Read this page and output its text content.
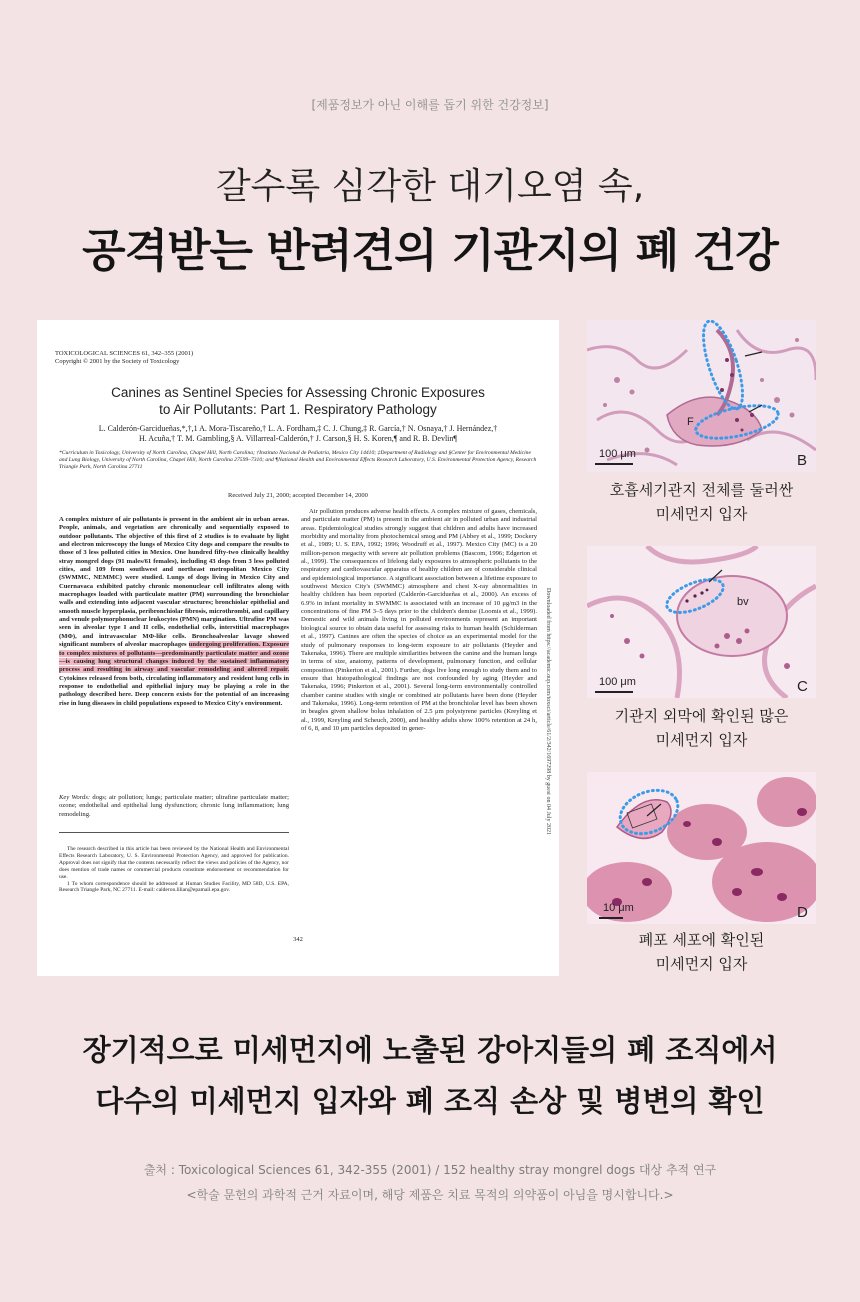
[제품정보가 아닌 이해를 돕기 위한 건강정보]
갈수록 심각한 대기오염 속,
공격받는 반려견의 기관지의 폐 건강
TOXICOLOGICAL SCIENCES 61, 342–355 (2001)
Copyright © 2001 by the Society of Toxicology
Canines as Sentinel Species for Assessing Chronic Exposures
to Air Pollutants: Part 1. Respiratory Pathology
L. Calderón-Garcidueñas,*,†,1 A. Mora-Tiscareño,† L. A. Fordham,‡ C. J. Chung,‡ R. García,† N. Osnaya,† J. Hernández,†
H. Acuña,† T. M. Gambling,§ A. Villarreal-Calderón,† J. Carson,§ H. S. Koren,¶ and R. B. Devlin¶
*Curriculum in Toxicology, University of North Carolina, Chapel Hill, North Carolina; †Instituto Nacional de Pediatría, Mexico City 14410; ‡Department of Radiology and §Center for Environmental Medicine and Lung Biology, University of North Carolina, Chapel Hill, North Carolina 27599–7310; and ¶National Health and Environmental Effects Research Laboratory, U.S. Environmental Protection Agency, Research Triangle Park, North Carolina 27711
Received July 21, 2000; accepted December 14, 2000
A complex mixture of air pollutants is present in the ambient air in urban areas. People, animals, and vegetation are chronically and sequentially exposed to outdoor pollutants. The objective of this first of 2 studies is to evaluate by light and electron microscopy the lungs of Mexico City dogs and compare the results to those of 3 less polluted cities in Mexico. One hundred fifty-two clinically healthy stray mongrel dogs (91 males/61 females), including 43 dogs from 3 less polluted cities, and 109 from southwest and northeast metropolitan Mexico City (SWMMC, NEMMC) were studied. Lungs of dogs living in Mexico City and Cuernavaca exhibited patchy chronic mononuclear cell infiltrates along with macrophages loaded with particulate matter (PM) surrounding the bronchiolar walls and extending into adjacent vascular structures; bronchiolar epithelial and smooth muscle hyperplasia, peribronchiolar fibrosis, microthrombi, and capillary and venule polymorphonuclear leukocytes (PMN) margination. Ultrafine PM was seen in alveolar type I and II cells, endothelial cells, interstitial macrophages (MΦ), and intravascular MΦ-like cells. Bronchoalveolar lavage showed significant numbers of alveolar macrophages undergoing proliferation. Exposure to complex mixtures of pollutants—predominantly particulate matter and ozone—is causing lung structural changes induced by the sustained inflammatory process and resulting in airway and vascular remodeling and altered repair. Cytokines released from both, circulating inflammatory and resident lung cells in response to endothelial and epithelial injury may be playing a role in the pathology described here. Deep concern exists for the potential of an increasing rise in lung diseases in child populations exposed to Mexico City's environment.
Key Words: dogs; air pollution; lungs; particulate matter; ultrafine particulate matter; ozone; endothelial and epithelial lung dysfunction; chronic lung inflammation; lung remodeling.
The research described in this article has been reviewed by the National Health and Environmental Effects Research Laboratory, U. S. Environmental Protection Agency, and approved for publication. Approval does not signify that the contents necessarily reflect the views and policies of the Agency, nor does mention of trade names or commercial products constitute endorsement or recommendation for use.
1 To whom correspondence should be addressed at Human Studies Facility, MD 58D, U.S. EPA, Research Triangle Park, NC 27711. E-mail: calderon.lilian@epamail.epa.gov.
Air pollution produces adverse health effects. A complex mixture of gases, chemicals, and particulate matter (PM) is present in the ambient air in polluted urban and industrial areas. Epidemiological studies strongly suggest that children and adults have increased morbidity and mortality from photochemical smog and PM (Abbey et al., 1999; Dockery et al., 1989; U. S. EPA, 1992; 1996; Woodruff et al., 1997). Mexico City (MC) is a 20 million-person megacity with severe air pollution problems (Bascom, 1996; Edgerton et al., 1999). The consequences of lifelong daily exposures to atmospheric pollutants to the respiratory and cardiovascular apparatus of healthy children are of considerable clinical and epidemiological importance. A significant association between a lifetime exposure to southwest Mexico City's (SWMMC) atmosphere and chest X-ray abnormalities in healthy children has been reported (Calderón-Garcidueñas et al., 2000). An excess of 6.9% in infant mortality in SWMMC is associated with an increase of 10 μg/m3 in the concentrations of fine PM 3–5 days prior to the children's demise (Loomis et al., 1999). Domestic and wild animals living in polluted environments represent an important biological source to obtain data useful for assessing risks to human health (Schilderman et al., 1997). Canines are often the species of choice as an experimental model for the study of pulmonary responses to long-term exposure to air pollutants (Heyder and Takenaka, 1996). There are multiple similarities between the canine and the human lungs in terms of size, anatomy, patterns of development, pulmonary function, and cellular composition (Pinkerton et al., 2001). Further, dogs live long enough to study them and to ensure that histopathological findings are not confounded by aging (Heyder and Takenaka, 1996; Pinkerton et al., 2001). Several long-term environmentally controlled chamber canine studies with single or combined air pollutants have been done (Heyder and Takenaka, 1996). Long-term retention of PM at the bronchiolar level has been shown in beagles given shallow bolus inhalation of 2.5 μm polystyrene particles (Kreyling et al., 1999, Kreyling and Scheuch, 2000), and healthy adults show 100% retention at 24 h, of 6, 8, and 10 μm particles deposited in gener-
342
Downloaded from https://academic.oup.com/toxsci/article/61/2/342/1697298 by guest on 04 July 2021
100 μm	B
F
호흡세기관지 전체를 둘러싼
미세먼지 입자
100 μm	C
bv
기관지 외막에 확인된 많은
미세먼지 입자
10 μm	D
폐포 세포에 확인된
미세먼지 입자
장기적으로 미세먼지에 노출된 강아지들의 폐 조직에서
다수의 미세먼지 입자와 폐 조직 손상 및 병변의 확인
출처 : Toxicological Sciences 61, 342-355 (2001) / 152 healthy stray mongrel dogs 대상 추적 연구
<학술 문헌의 과학적 근거 자료이며, 해당 제품은 치료 목적의 의약품이 아님을 명시합니다.>
